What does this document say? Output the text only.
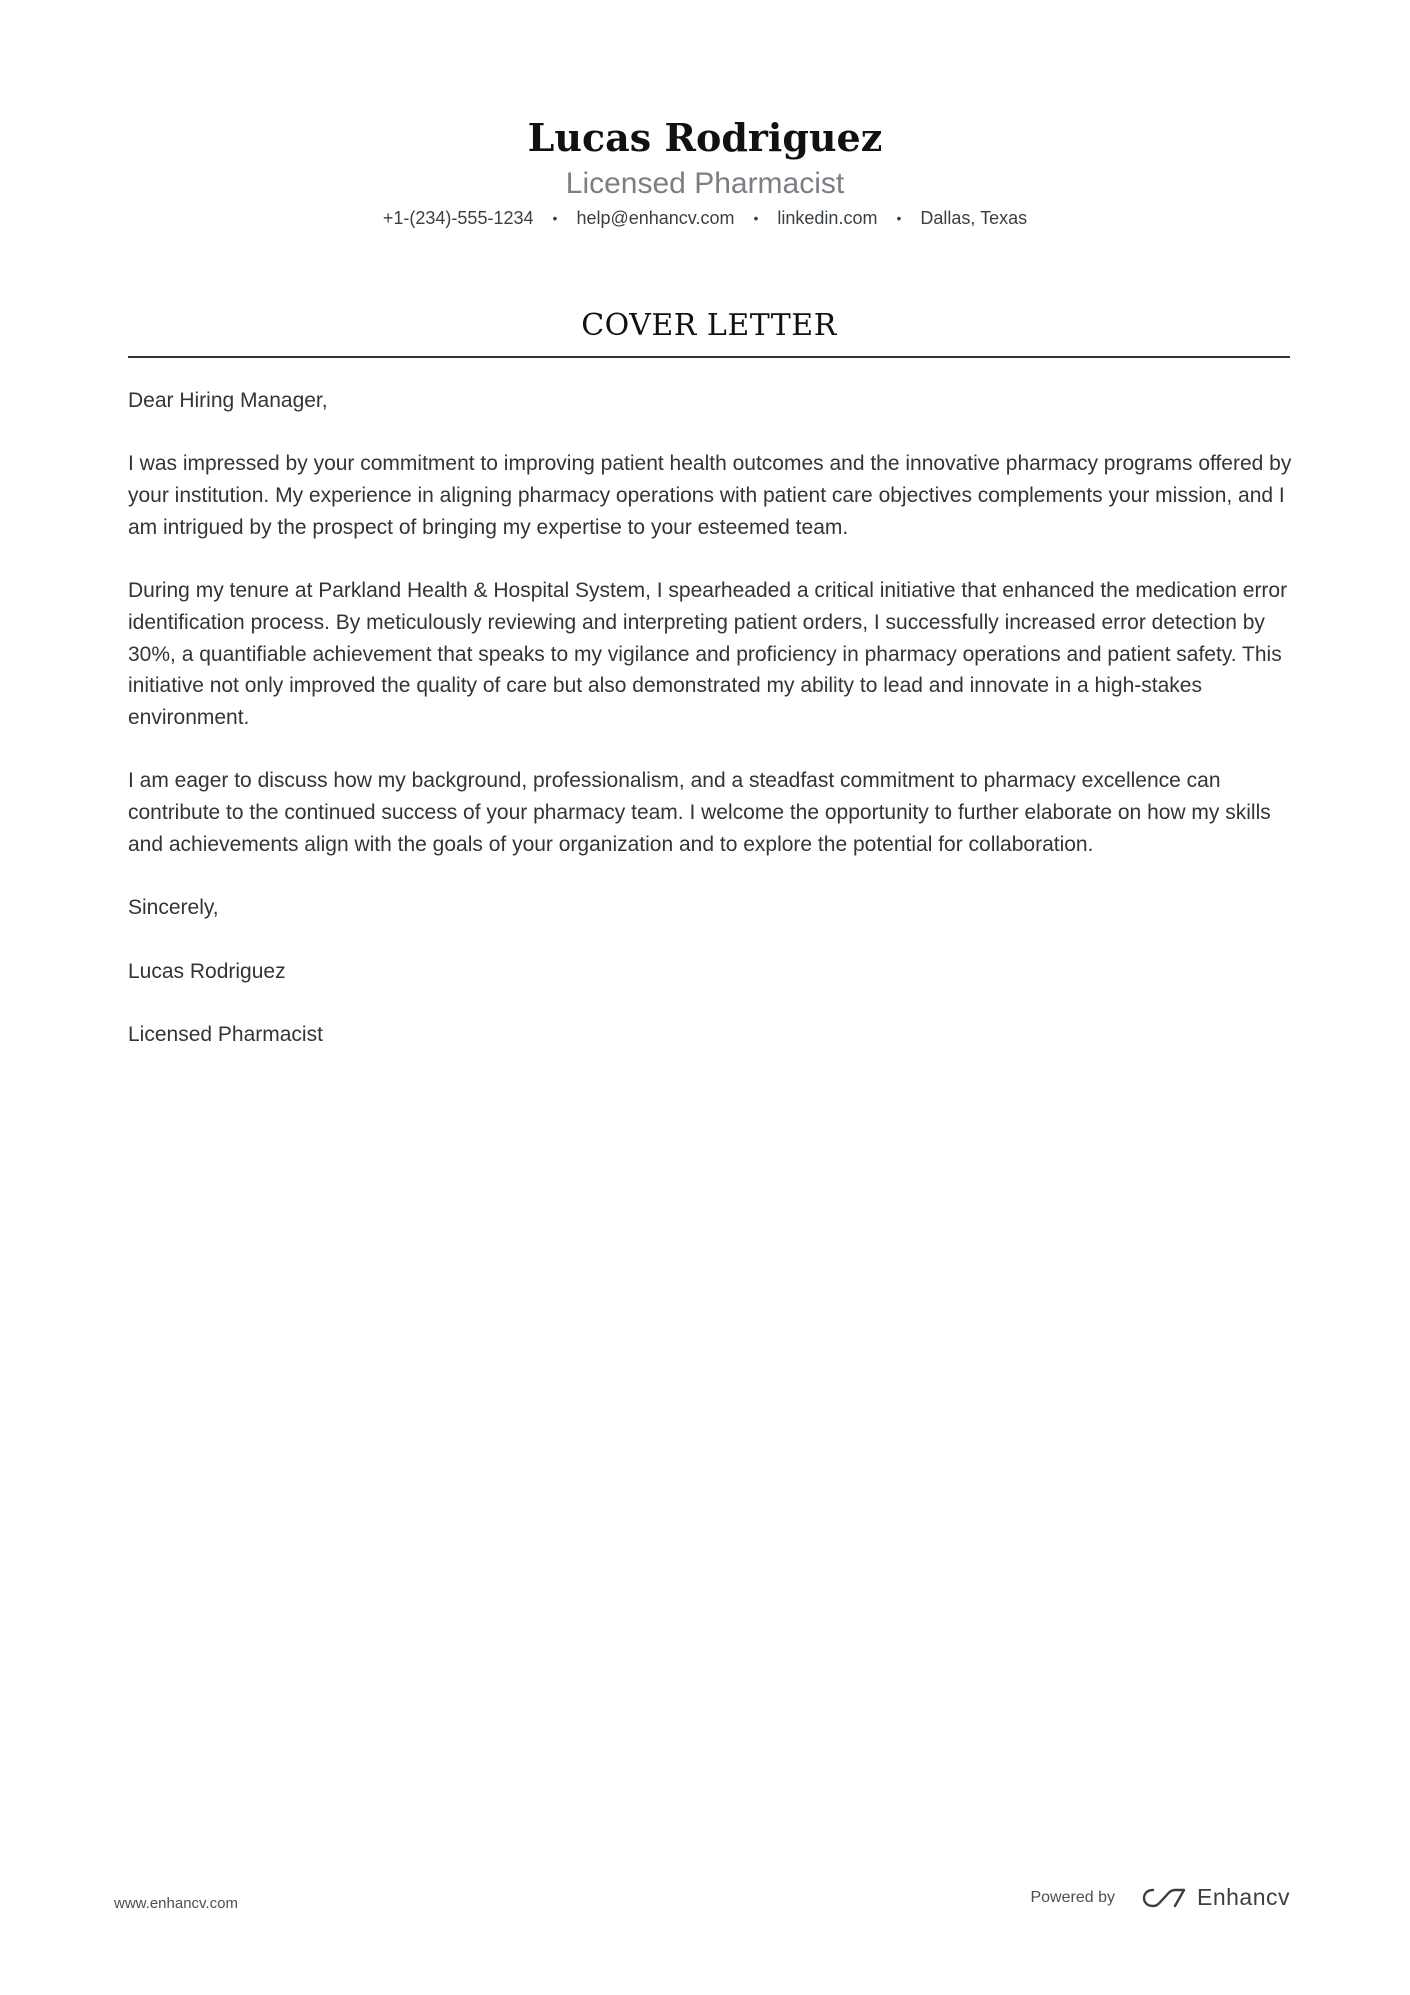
Lucas Rodriguez
Licensed Pharmacist
+1-(234)-555-1234 • help@enhancv.com • linkedin.com • Dallas, Texas
COVER LETTER

Dear Hiring Manager,

I was impressed by your commitment to improving patient health outcomes and the innovative pharmacy programs offered by your institution. My experience in aligning pharmacy operations with patient care objectives complements your mission, and I am intrigued by the prospect of bringing my expertise to your esteemed team.

During my tenure at Parkland Health & Hospital System, I spearheaded a critical initiative that enhanced the medication error identification process. By meticulously reviewing and interpreting patient orders, I successfully increased error detection by 30%, a quantifiable achievement that speaks to my vigilance and proficiency in pharmacy operations and patient safety. This initiative not only improved the quality of care but also demonstrated my ability to lead and innovate in a high-stakes environment.

I am eager to discuss how my background, professionalism, and a steadfast commitment to pharmacy excellence can contribute to the continued success of your pharmacy team. I welcome the opportunity to further elaborate on how my skills and achievements align with the goals of your organization and to explore the potential for collaboration.

Sincerely,

Lucas Rodriguez

Licensed Pharmacist

www.enhancv.com	Powered by	Enhancv
